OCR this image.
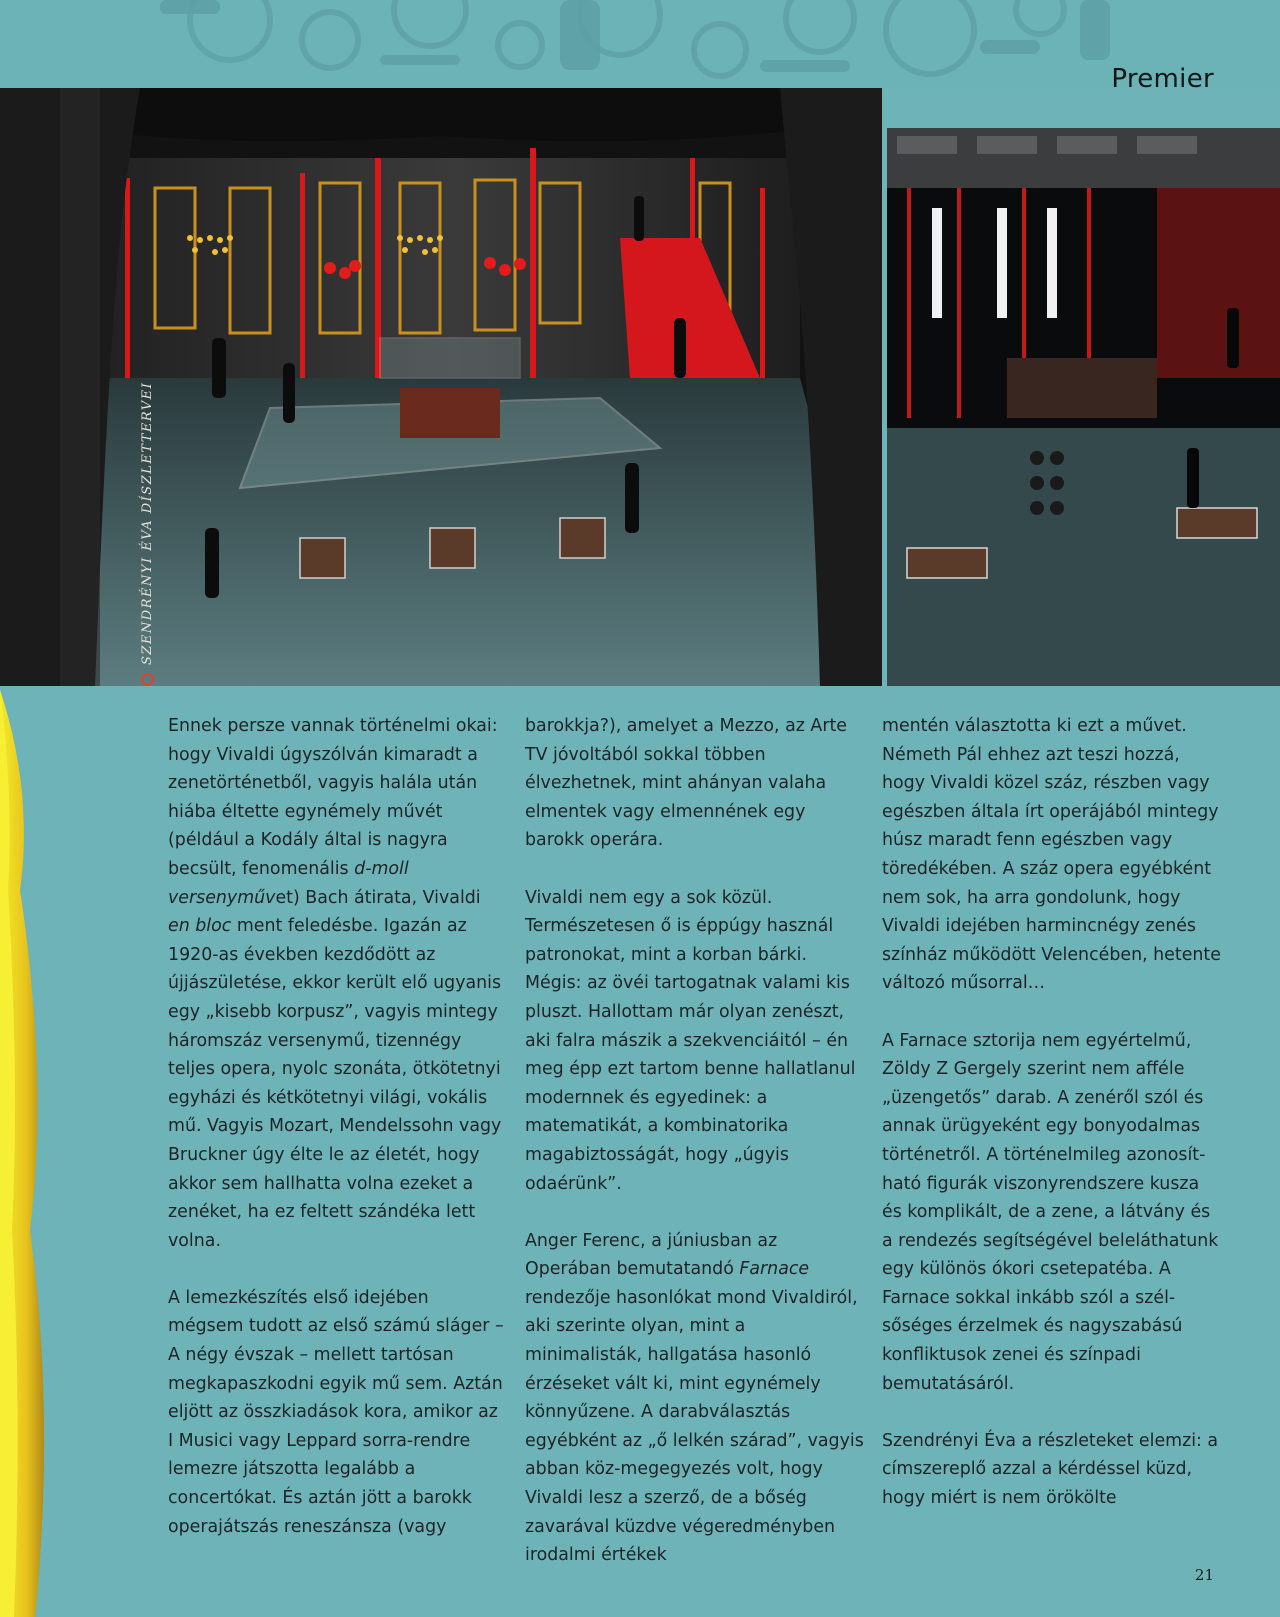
Premier
SZENDRÉNYI ÉVA DÍSZLETTERVEI

Ennek persze vannak történelmi okai: hogy Vivaldi úgyszólván kimaradt a zenetörténetből, vagyis halála után hiába éltette egynémely művét (például a Kodály által is nagyra becsült, fenomenális d-moll versenyművet) Bach átirata, Vivaldi en bloc ment feledésbe. Igazán az 1920-as években kezdődött az újjászületése, ekkor került elő ugyanis egy „kisebb korpusz”, vagyis mintegy háromszáz versenymű, tizennégy teljes opera, nyolc szonáta, ötkötetnyi egyházi és kétkötetnyi világi, vokális mű. Vagyis Mozart, Mendelssohn vagy Bruckner úgy élte le az életét, hogy akkor sem hallhatta volna ezeket a zenéket, ha ez feltett szándéka lett volna.

A lemezkészítés első idejében mégsem tudott az első számú sláger – A négy évszak – mellett tartósan megkapaszkodni egyik mű sem. Aztán eljött az összkiadások kora, amikor az I Musici vagy Leppard sorra-rendre lemezre játszotta legalább a concertókat. És aztán jött a barokk operajátszás reneszánsza (vagy

barokkja?), amelyet a Mezzo, az Arte TV jóvoltából sokkal többen élvezhetnek, mint ahányan valaha elmentek vagy elmennének egy barokk operára.

Vivaldi nem egy a sok közül. Természetesen ő is éppúgy használ patronokat, mint a korban bárki. Mégis: az övéi tartogatnak valami kis pluszt. Hallottam már olyan zenészt, aki falra mászik a szekvenciáitól – én meg épp ezt tartom benne hallatlanul modernnek és egyedinek: a matematikát, a kombinatorika magabiztosságát, hogy „úgyis odaérünk”.

Anger Ferenc, a júniusban az Operában bemutatandó Farnace rendezője hasonlókat mond Vivaldiról, aki szerinte olyan, mint a minimalisták, hallgatása hasonló érzéseket vált ki, mint egynémely könnyűzene. A darabválasztás egyébként az „ő lelkén szárad”, vagyis abban köz-megegyezés volt, hogy Vivaldi lesz a szerző, de a bőség zavarával küzdve végeredményben irodalmi értékek

mentén választotta ki ezt a művet. Németh Pál ehhez azt teszi hozzá, hogy Vivaldi közel száz, részben vagy egészben általa írt operájából mintegy húsz maradt fenn egészben vagy töredékében. A száz opera egyébként nem sok, ha arra gondolunk, hogy Vivaldi idejében harmincnégy zenés színház működött Velencében, hetente változó műsorral…

A Farnace sztorija nem egyértelmű, Zöldy Z Gergely szerint nem afféle „üzengetős” darab. A zenéről szól és annak ürügyeként egy bonyodalmas történetről. A történelmileg azonosít-ható figurák viszonyrendszere kusza és komplikált, de a zene, a látvány és a rendezés segítségével beleláthatunk egy különös ókori csetepatéba. A Farnace sokkal inkább szól a szél-sőséges érzelmek és nagyszabású konfliktusok zenei és színpadi bemutatásáról.

Szendrényi Éva a részleteket elemzi: a címszereplő azzal a kérdéssel küzd, hogy miért is nem örökölte

21
